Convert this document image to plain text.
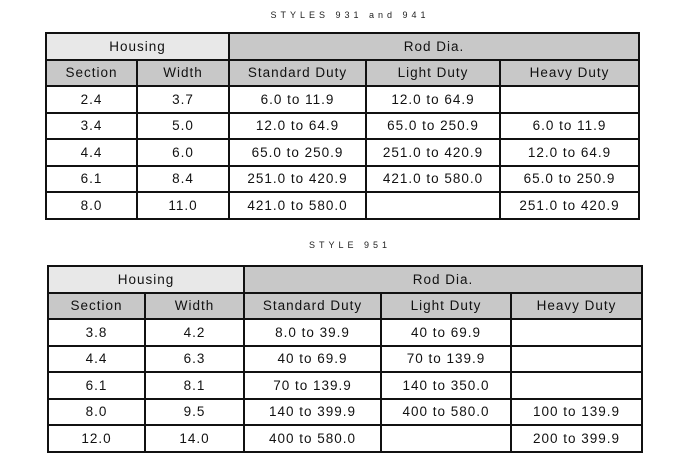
STYLES 931 and 941
Housing		Rod Dia.		
Section	Width	Standard Duty	Light Duty	Heavy Duty
2.4	3.7	6.0 to 11.9	12.0 to 64.9	
3.4	5.0	12.0 to 64.9	65.0 to 250.9	6.0 to 11.9
4.4	6.0	65.0 to 250.9	251.0 to 420.9	12.0 to 64.9
6.1	8.4	251.0 to 420.9	421.0 to 580.0	65.0 to 250.9
8.0	11.0	421.0 to 580.0		251.0 to 420.9
STYLE 951
Housing		Rod Dia.		
Section	Width	Standard Duty	Light Duty	Heavy Duty
3.8	4.2	8.0 to 39.9	40 to 69.9	
4.4	6.3	40 to 69.9	70 to 139.9	
6.1	8.1	70 to 139.9	140 to 350.0	
8.0	9.5	140 to 399.9	400 to 580.0	100 to 139.9
12.0	14.0	400 to 580.0		200 to 399.9
